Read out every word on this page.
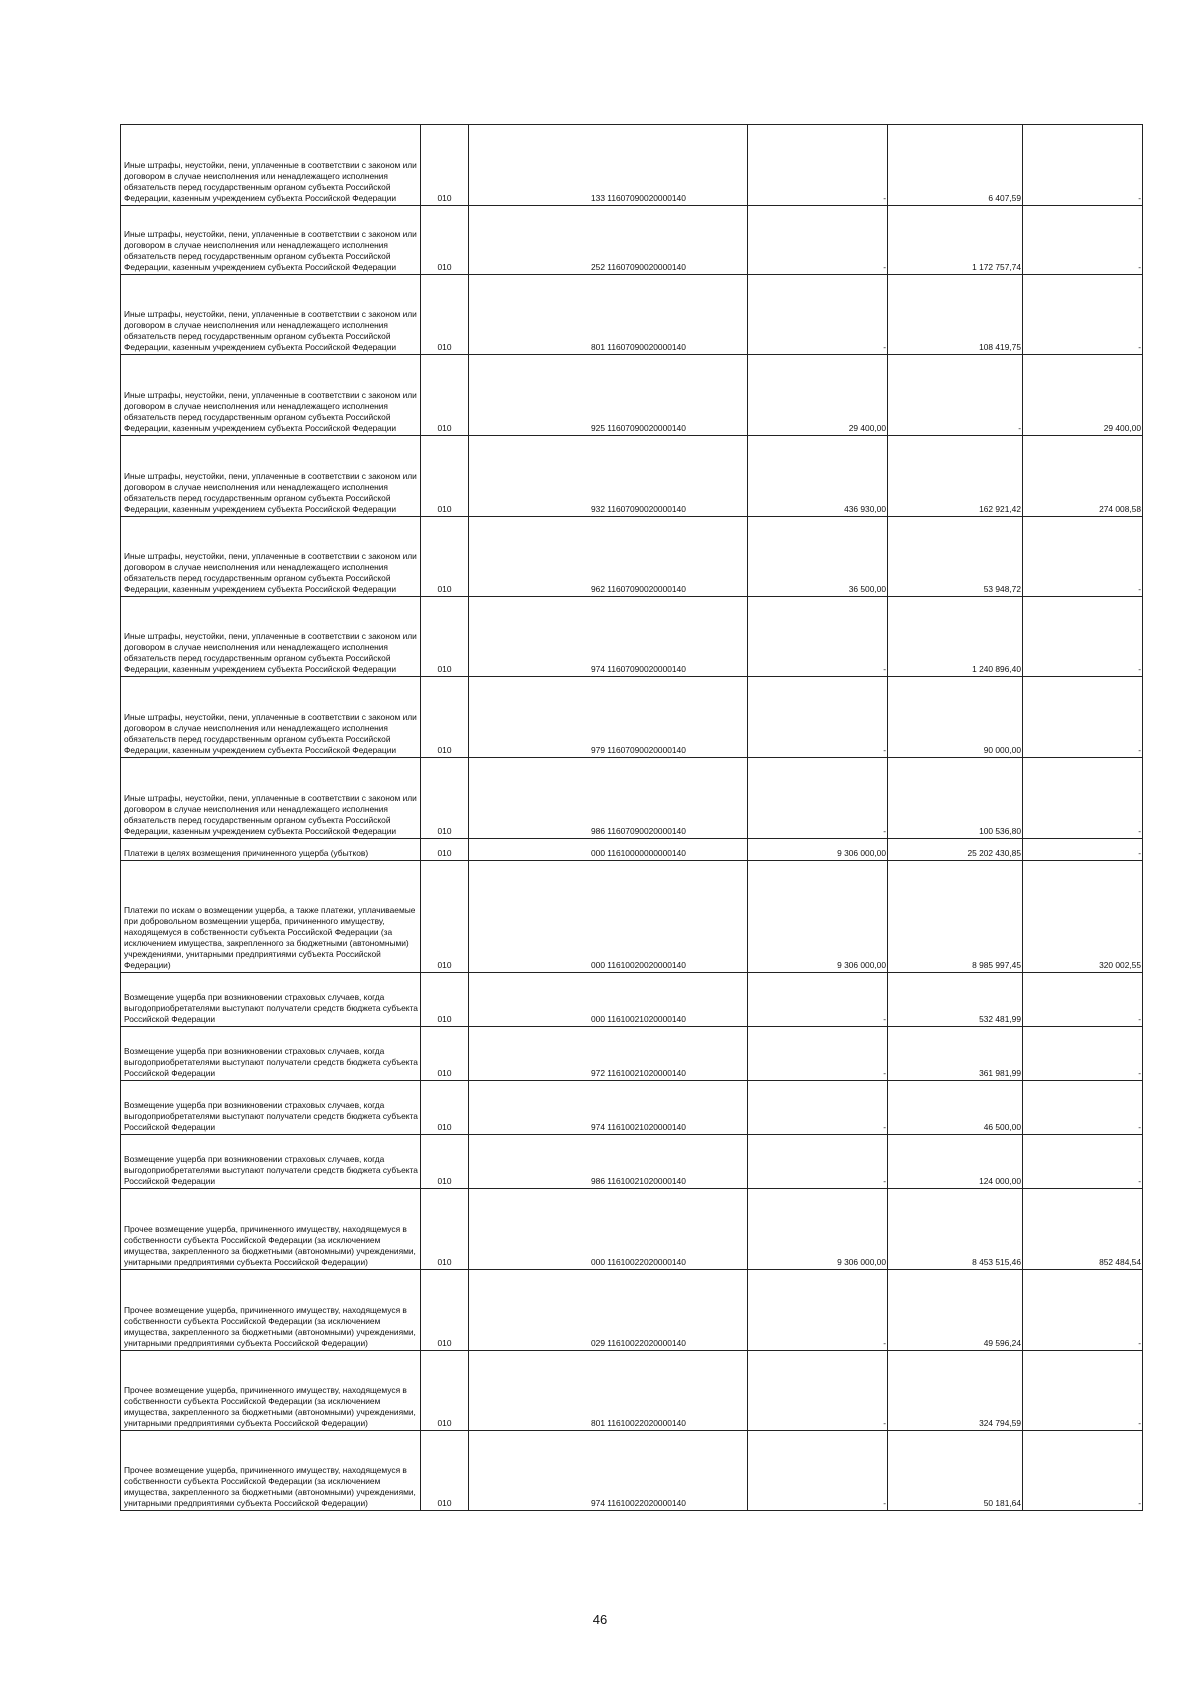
Иные штрафы, неустойки, пени, уплаченные в соответствии с законом или договором в случае неисполнения или ненадлежащего исполнения обязательств перед государственным органом субъекта Российской Федерации, казенным учреждением субъекта Российской Федерации	010	133 11607090020000140	-	6 407,59	-
Иные штрафы, неустойки, пени, уплаченные в соответствии с законом или договором в случае неисполнения или ненадлежащего исполнения обязательств перед государственным органом субъекта Российской Федерации, казенным учреждением субъекта Российской Федерации	010	252 11607090020000140	-	1 172 757,74	-
Иные штрафы, неустойки, пени, уплаченные в соответствии с законом или договором в случае неисполнения или ненадлежащего исполнения обязательств перед государственным органом субъекта Российской Федерации, казенным учреждением субъекта Российской Федерации	010	801 11607090020000140	-	108 419,75	-
Иные штрафы, неустойки, пени, уплаченные в соответствии с законом или договором в случае неисполнения или ненадлежащего исполнения обязательств перед государственным органом субъекта Российской Федерации, казенным учреждением субъекта Российской Федерации	010	925 11607090020000140	29 400,00	-	29 400,00
Иные штрафы, неустойки, пени, уплаченные в соответствии с законом или договором в случае неисполнения или ненадлежащего исполнения обязательств перед государственным органом субъекта Российской Федерации, казенным учреждением субъекта Российской Федерации	010	932 11607090020000140	436 930,00	162 921,42	274 008,58
Иные штрафы, неустойки, пени, уплаченные в соответствии с законом или договором в случае неисполнения или ненадлежащего исполнения обязательств перед государственным органом субъекта Российской Федерации, казенным учреждением субъекта Российской Федерации	010	962 11607090020000140	36 500,00	53 948,72	-
Иные штрафы, неустойки, пени, уплаченные в соответствии с законом или договором в случае неисполнения или ненадлежащего исполнения обязательств перед государственным органом субъекта Российской Федерации, казенным учреждением субъекта Российской Федерации	010	974 11607090020000140	-	1 240 896,40	-
Иные штрафы, неустойки, пени, уплаченные в соответствии с законом или договором в случае неисполнения или ненадлежащего исполнения обязательств перед государственным органом субъекта Российской Федерации, казенным учреждением субъекта Российской Федерации	010	979 11607090020000140	-	90 000,00	-
Иные штрафы, неустойки, пени, уплаченные в соответствии с законом или договором в случае неисполнения или ненадлежащего исполнения обязательств перед государственным органом субъекта Российской Федерации, казенным учреждением субъекта Российской Федерации	010	986 11607090020000140	-	100 536,80	-
Платежи в целях возмещения причиненного ущерба (убытков)	010	000 11610000000000140	9 306 000,00	25 202 430,85	-
Платежи по искам о возмещении ущерба, а также платежи, уплачиваемые при добровольном возмещении ущерба, причиненного имуществу, находящемуся в собственности субъекта Российской Федерации (за исключением имущества, закрепленного за бюджетными (автономными) учреждениями, унитарными предприятиями субъекта Российской Федерации)	010	000 11610020020000140	9 306 000,00	8 985 997,45	320 002,55
Возмещение ущерба при возникновении страховых случаев, когда выгодоприобретателями выступают получатели средств бюджета субъекта Российской Федерации	010	000 11610021020000140	-	532 481,99	-
Возмещение ущерба при возникновении страховых случаев, когда выгодоприобретателями выступают получатели средств бюджета субъекта Российской Федерации	010	972 11610021020000140	-	361 981,99	-
Возмещение ущерба при возникновении страховых случаев, когда выгодоприобретателями выступают получатели средств бюджета субъекта Российской Федерации	010	974 11610021020000140	-	46 500,00	-
Возмещение ущерба при возникновении страховых случаев, когда выгодоприобретателями выступают получатели средств бюджета субъекта Российской Федерации	010	986 11610021020000140	-	124 000,00	-
Прочее возмещение ущерба, причиненного имуществу, находящемуся в собственности субъекта Российской Федерации (за исключением имущества, закрепленного за бюджетными (автономными) учреждениями, унитарными предприятиями субъекта Российской Федерации)	010	000 11610022020000140	9 306 000,00	8 453 515,46	852 484,54
Прочее возмещение ущерба, причиненного имуществу, находящемуся в собственности субъекта Российской Федерации (за исключением имущества, закрепленного за бюджетными (автономными) учреждениями, унитарными предприятиями субъекта Российской Федерации)	010	029 11610022020000140	-	49 596,24	-
Прочее возмещение ущерба, причиненного имуществу, находящемуся в собственности субъекта Российской Федерации (за исключением имущества, закрепленного за бюджетными (автономными) учреждениями, унитарными предприятиями субъекта Российской Федерации)	010	801 11610022020000140	-	324 794,59	-
Прочее возмещение ущерба, причиненного имуществу, находящемуся в собственности субъекта Российской Федерации (за исключением имущества, закрепленного за бюджетными (автономными) учреждениями, унитарными предприятиями субъекта Российской Федерации)	010	974 11610022020000140	-	50 181,64	-
46
